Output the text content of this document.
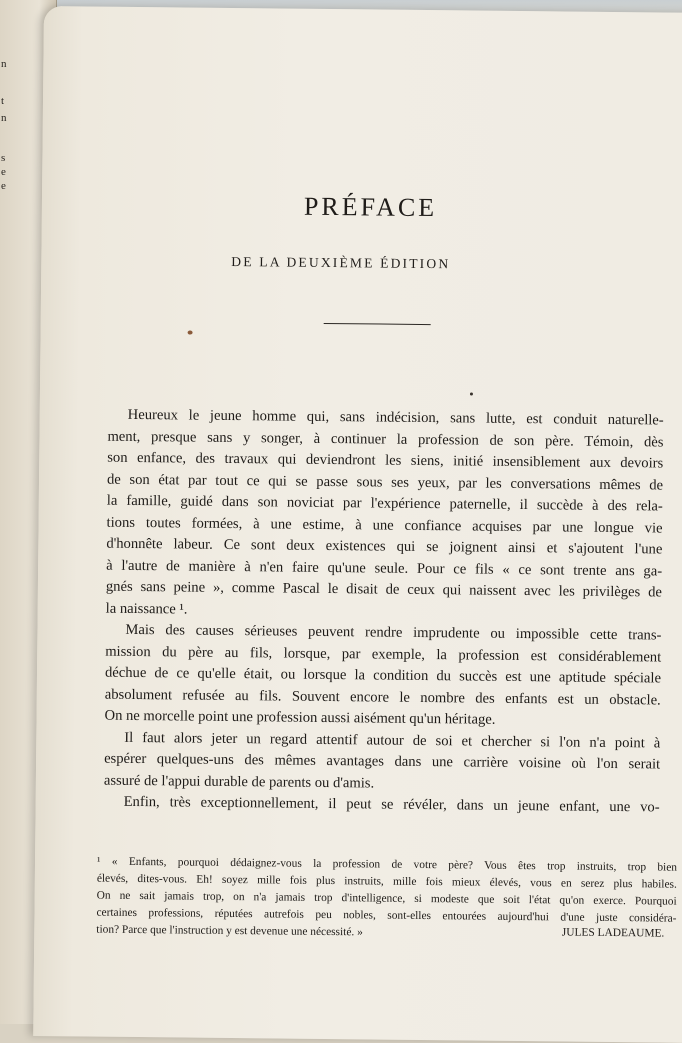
n
t
n
s
e
e
PRÉFACE
DE LA DEUXIÈME ÉDITION
Heureux le jeune homme qui, sans indécision, sans lutte, est conduit naturelle-
ment, presque sans y songer, à continuer la profession de son père. Témoin, dès
son enfance, des travaux qui deviendront les siens, initié insensiblement aux devoirs
de son état par tout ce qui se passe sous ses yeux, par les conversations mêmes de
la famille, guidé dans son noviciat par l'expérience paternelle, il succède à des rela-
tions toutes formées, à une estime, à une confiance acquises par une longue vie
d'honnête labeur. Ce sont deux existences qui se joignent ainsi et s'ajoutent l'une
à l'autre de manière à n'en faire qu'une seule. Pour ce fils « ce sont trente ans ga-
gnés sans peine », comme Pascal le disait de ceux qui naissent avec les privilèges de
la naissance ¹.
Mais des causes sérieuses peuvent rendre imprudente ou impossible cette trans-
mission du père au fils, lorsque, par exemple, la profession est considérablement
déchue de ce qu'elle était, ou lorsque la condition du succès est une aptitude spéciale
absolument refusée au fils. Souvent encore le nombre des enfants est un obstacle.
On ne morcelle point une profession aussi aisément qu'un héritage.
Il faut alors jeter un regard attentif autour de soi et chercher si l'on n'a point à
espérer quelques-uns des mêmes avantages dans une carrière voisine où l'on serait
assuré de l'appui durable de parents ou d'amis.
Enfin, très exceptionnellement, il peut se révéler, dans un jeune enfant, une vo-
¹ « Enfants, pourquoi dédaignez-vous la profession de votre père? Vous êtes trop instruits, trop bien
élevés, dites-vous. Eh! soyez mille fois plus instruits, mille fois mieux élevés, vous en serez plus habiles.
On ne sait jamais trop, on n'a jamais trop d'intelligence, si modeste que soit l'état qu'on exerce. Pourquoi
certaines professions, réputées autrefois peu nobles, sont-elles entourées aujourd'hui d'une juste considéra-
tion? Parce que l'instruction y est devenue une nécessité. »	JULES LADEAUME.
